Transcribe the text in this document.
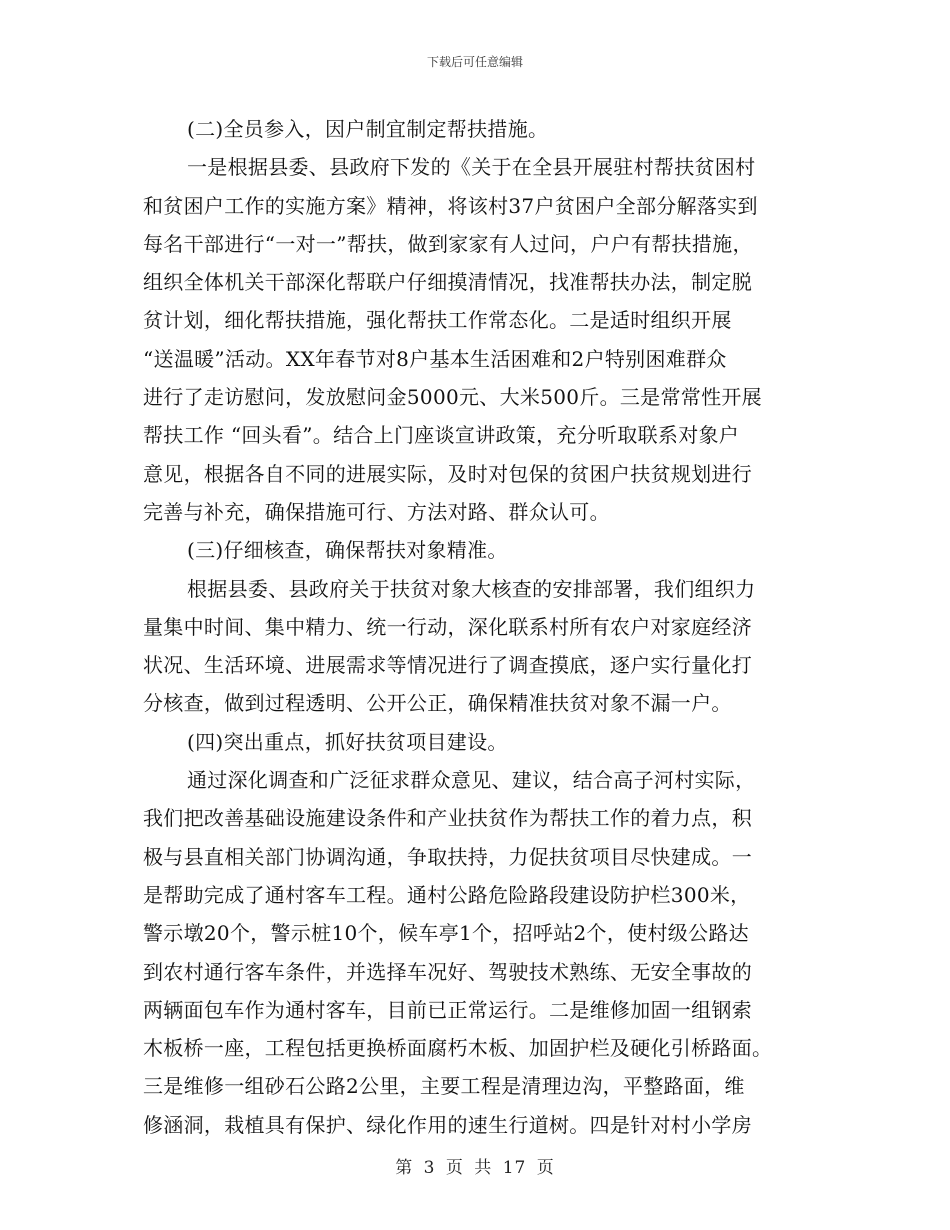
下载后可任意编辑
(二)全员参入，因户制宜制定帮扶措施。
一是根据县委、县政府下发的《关于在全县开展驻村帮扶贫困村
和贫困户工作的实施方案》精神，将该村37户贫困户全部分解落实到
每名干部进行“一对一”帮扶，做到家家有人过问，户户有帮扶措施，
组织全体机关干部深化帮联户仔细摸清情况，找准帮扶办法，制定脱
贫计划，细化帮扶措施，强化帮扶工作常态化。二是适时组织开展
“送温暖”活动。XX年春节对8户基本生活困难和2户特别困难群众
进行了走访慰问，发放慰问金5000元、大米500斤。三是常常性开展
帮扶工作 “回头看”。结合上门座谈宣讲政策，充分听取联系对象户
意见，根据各自不同的进展实际，及时对包保的贫困户扶贫规划进行
完善与补充，确保措施可行、方法对路、群众认可。
(三)仔细核查，确保帮扶对象精准。
根据县委、县政府关于扶贫对象大核查的安排部署，我们组织力
量集中时间、集中精力、统一行动，深化联系村所有农户对家庭经济
状况、生活环境、进展需求等情况进行了调查摸底，逐户实行量化打
分核查，做到过程透明、公开公正，确保精准扶贫对象不漏一户。
(四)突出重点，抓好扶贫项目建设。
通过深化调查和广泛征求群众意见、建议，结合高子河村实际，
我们把改善基础设施建设条件和产业扶贫作为帮扶工作的着力点，积
极与县直相关部门协调沟通，争取扶持，力促扶贫项目尽快建成。一
是帮助完成了通村客车工程。通村公路危险路段建设防护栏300米，
警示墩20个，警示桩10个，候车亭1个，招呼站2个，使村级公路达
到农村通行客车条件，并选择车况好、驾驶技术熟练、无安全事故的
两辆面包车作为通村客车，目前已正常运行。二是维修加固一组钢索
木板桥一座，工程包括更换桥面腐朽木板、加固护栏及硬化引桥路面。
三是维修一组砂石公路2公里，主要工程是清理边沟，平整路面，维
修涵洞，栽植具有保护、绿化作用的速生行道树。四是针对村小学房
第 3 页 共 17 页
